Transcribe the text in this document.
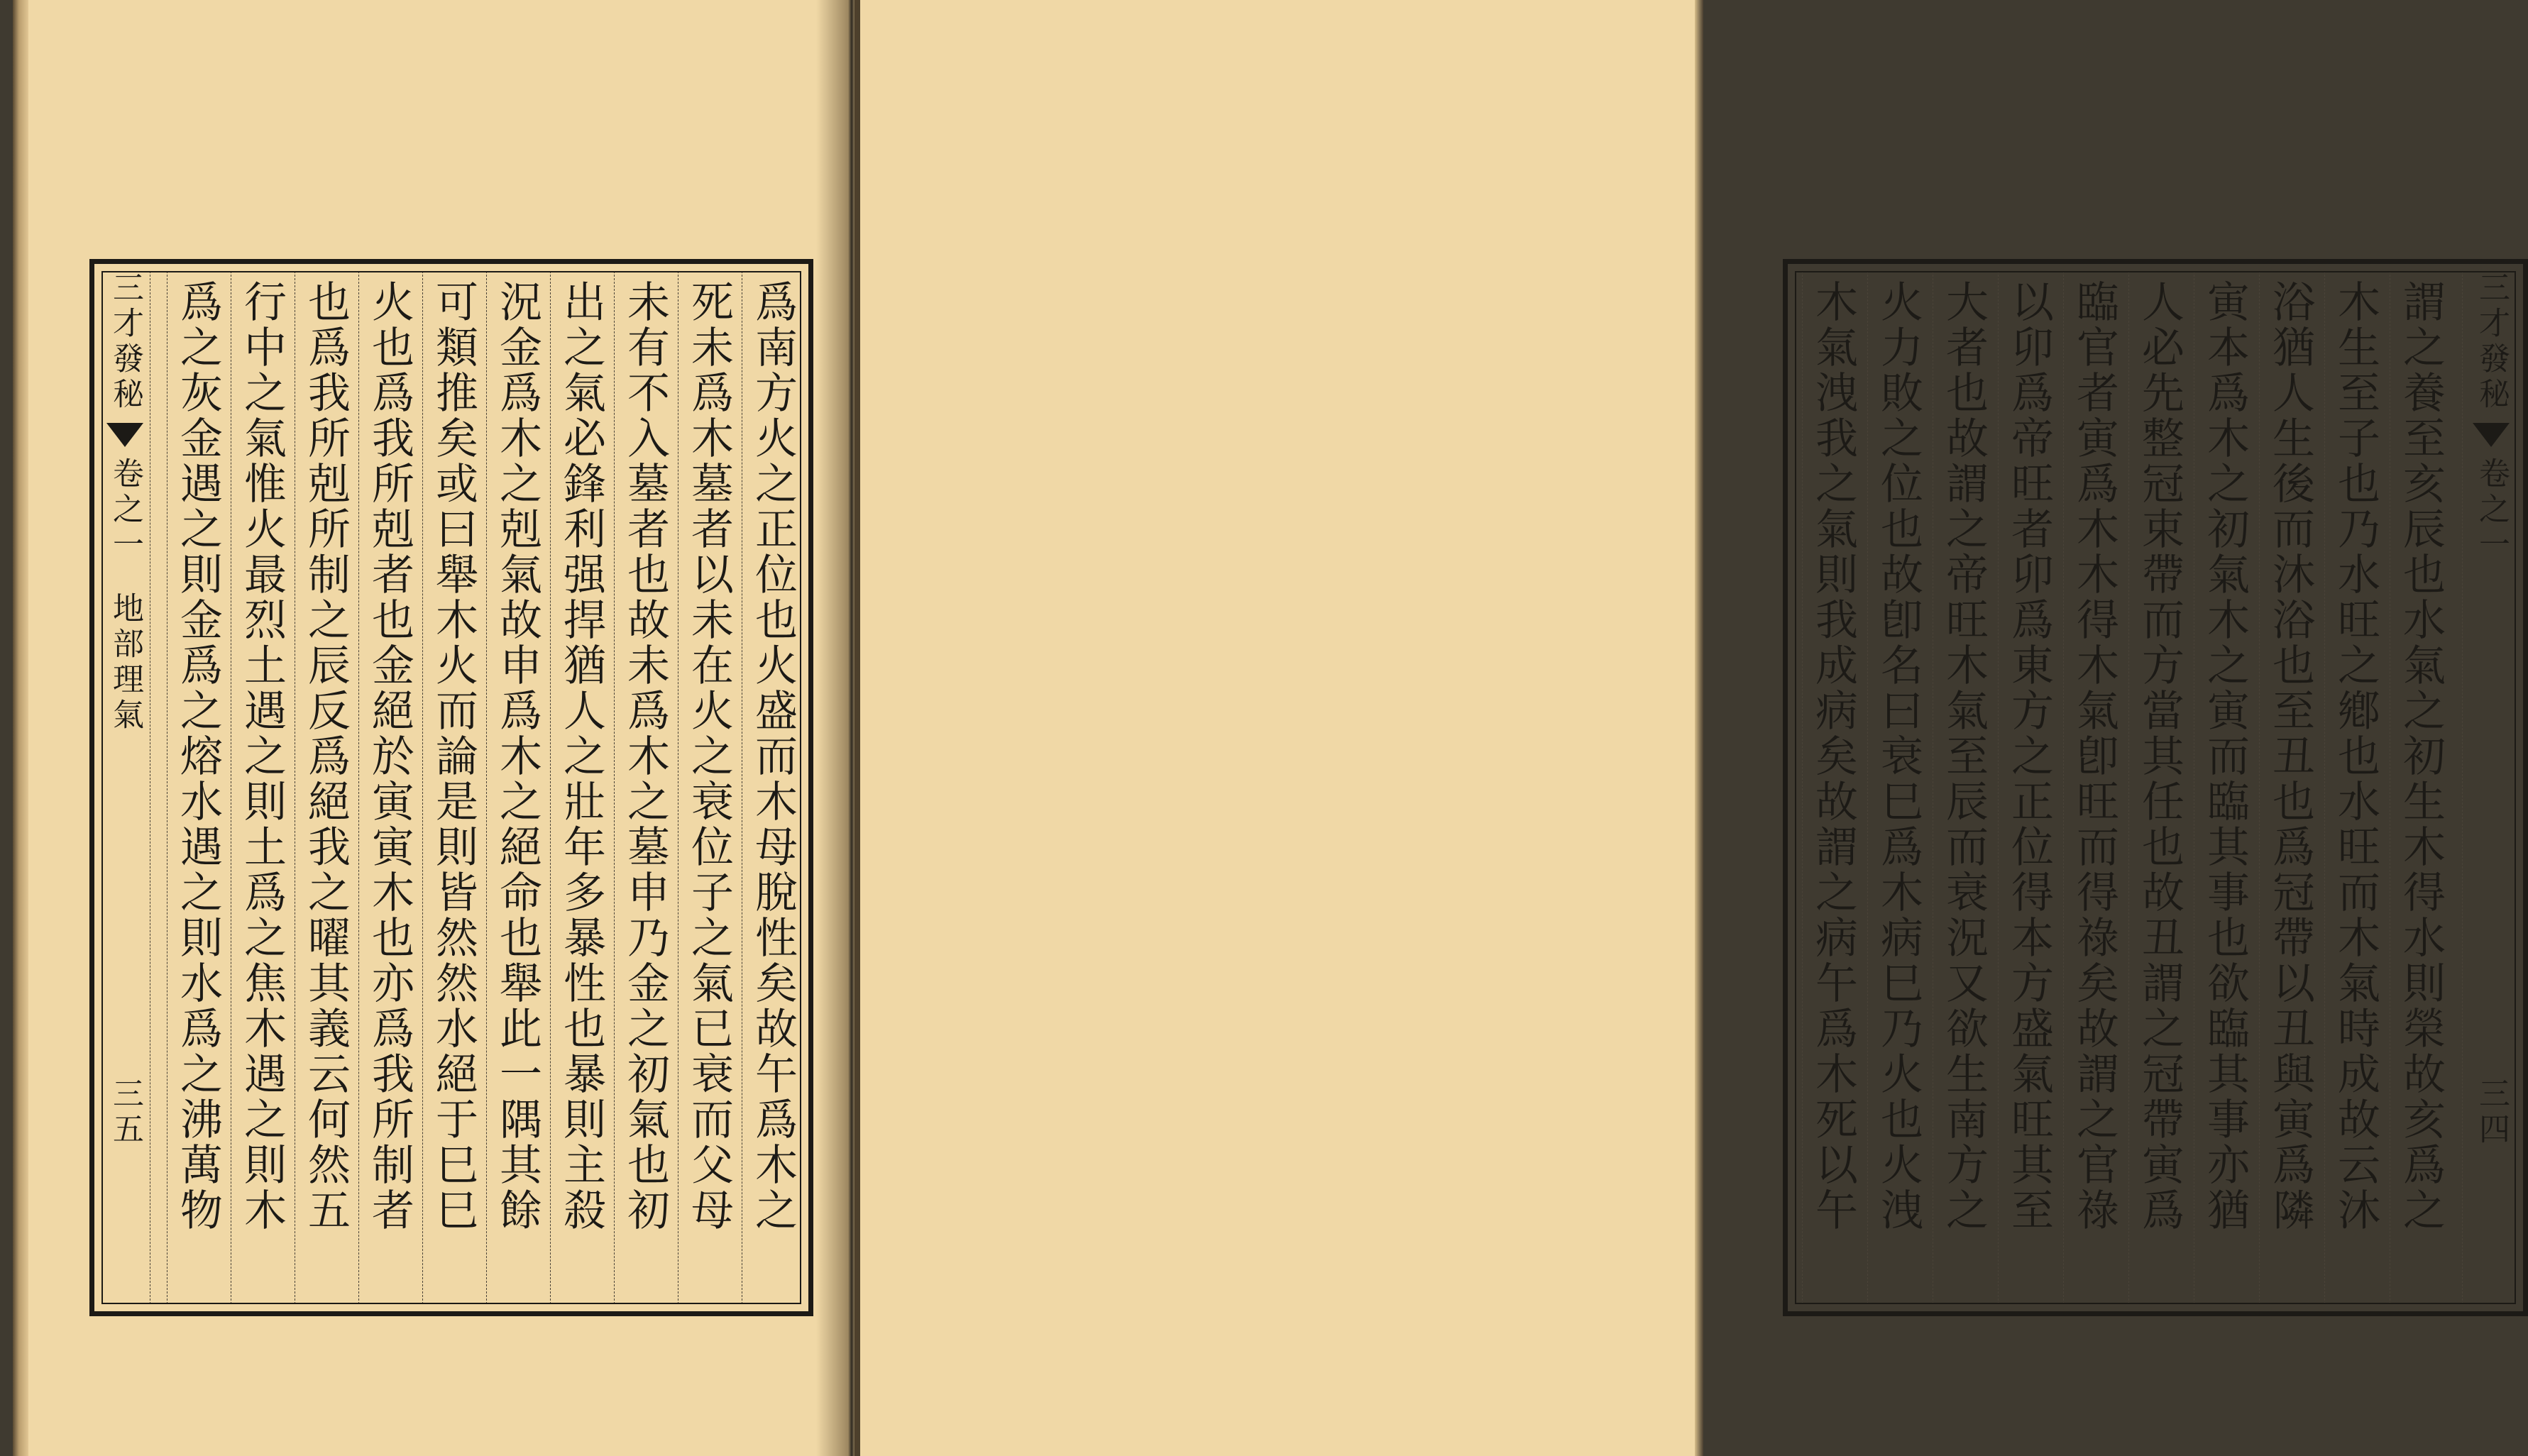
三才發秘
卷之一
地部理氣
三五	爲南方火之正位也火盛而木母脫性矣故午爲木之
死未爲木墓者以未在火之衰位子之氣已衰而父母
未有不入墓者也故未爲木之墓申乃金之初氣也初
出之氣必鋒利强捍猶人之壯年多暴性也暴則主殺
況金爲木之剋氣故申爲木之絕命也舉此一隅其餘
可類推矣或曰舉木火而論是則皆然然水絕于巳巳
火也爲我所剋者也金絕於寅寅木也亦爲我所制者
也爲我所剋所制之辰反爲絕我之曜其義云何然五
行中之氣惟火最烈土遇之則土爲之焦木遇之則木
爲之灰金遇之則金爲之熔水遇之則水爲之沸萬物	謂之養至亥辰也水氣之初生木得水則榮故亥爲之
木生至子也乃水旺之鄕也水旺而木氣時成故云沐
浴猶人生後而沐浴也至丑也爲冠帶以丑與寅爲隣
寅本爲木之初氣木之寅而臨其事也欲臨其事亦猶
人必先整冠束帶而方當其任也故丑謂之冠帶寅爲
臨官者寅爲木木得木氣卽旺而得祿矣故謂之官祿
以卯爲帝旺者卯爲東方之正位得本方盛氣旺其至
大者也故謂之帝旺木氣至辰而衰況又欲生南方之
火力敗之位也故卽名曰衰巳爲木病巳乃火也火洩
木氣洩我之氣則我成病矣故謂之病午爲木死以午	三才發秘
卷之一
三四
